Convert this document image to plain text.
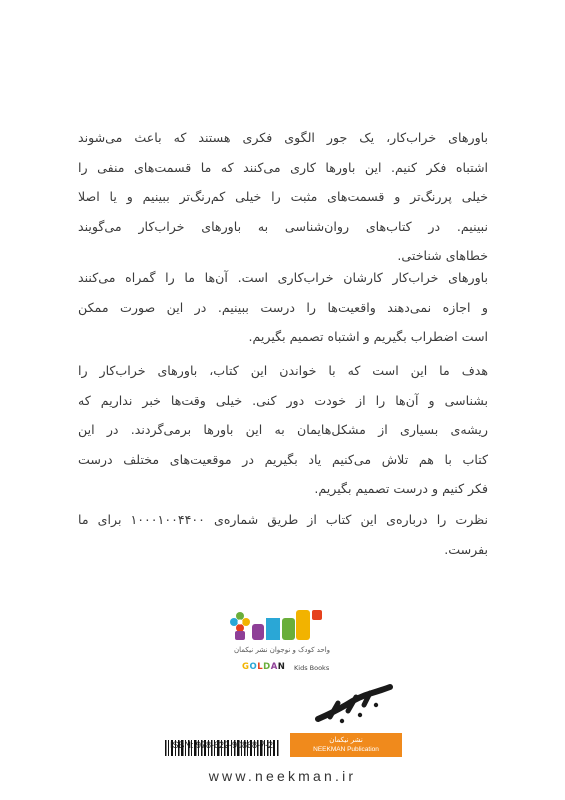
باورهای خراب‌کار، یک جور الگوی فکری هستند که باعث می‌شوند
اشتباه فکر کنیم. این باورها کاری می‌کنند که ما قسمت‌های منفی را
خیلی پررنگ‌تر و قسمت‌های مثبت را خیلی کم‌رنگ‌تر ببینیم و یا اصلا
نبینیم. در کتاب‌های روان‌شناسی به باورهای خراب‌کار می‌گویند
خطاهای شناختی.

باورهای خراب‌کار کارشان خراب‌کاری است. آن‌ها ما را گمراه می‌کنند
و اجازه نمی‌دهند واقعیت‌ها را درست ببینیم. در این صورت ممکن
است اضطراب بگیریم و اشتباه تصمیم بگیریم.

هدف ما این است که با خواندن این کتاب، باورهای خراب‌کار را
بشناسی و آن‌ها را از خودت دور کنی. خیلی وقت‌ها خبر نداریم که
ریشه‌ی بسیاری از مشکل‌هایمان به این باورها برمی‌گردند. در این
کتاب با هم تلاش می‌کنیم یاد بگیریم در موقعیت‌های مختلف درست
فکر کنیم و درست تصمیم بگیریم.

نظرت را درباره‌ی این کتاب از طریق شماره‌ی ۱۰۰۰۱۰۰۴۴۰۰ برای ما
بفرست.

واحد کودک و نوجوان نشر نیکمان
GOLDAN Kids Books
ISBN: 978-622-90868-7-2	نشر نیکمان
NEEKMAN Publication
www.neekman.ir
